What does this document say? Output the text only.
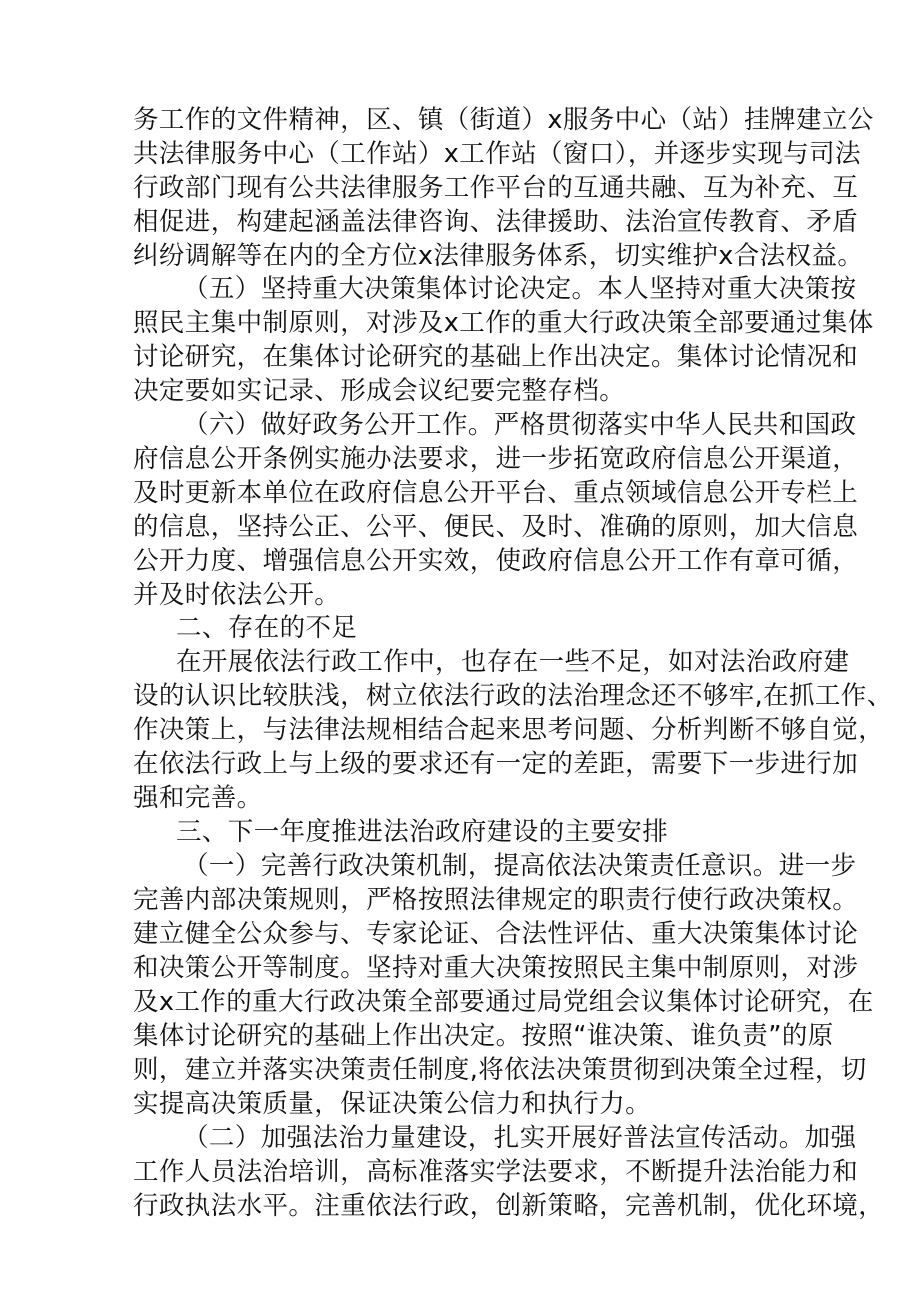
务工作的文件精神，区、镇（街道）x服务中心（站）挂牌建立公
共法律服务中心（工作站）x工作站（窗口），并逐步实现与司法
行政部门现有公共法律服务工作平台的互通共融、互为补充、互
相促进，构建起涵盖法律咨询、法律援助、法治宣传教育、矛盾
纠纷调解等在内的全方位x法律服务体系，切实维护x合法权益。
（五）坚持重大决策集体讨论决定。本人坚持对重大决策按
照民主集中制原则，对涉及x工作的重大行政决策全部要通过集体
讨论研究，在集体讨论研究的基础上作出决定。集体讨论情况和
决定要如实记录、形成会议纪要完整存档。
（六）做好政务公开工作。严格贯彻落实中华人民共和国政
府信息公开条例实施办法要求，进一步拓宽政府信息公开渠道，
及时更新本单位在政府信息公开平台、重点领域信息公开专栏上
的信息，坚持公正、公平、便民、及时、准确的原则，加大信息
公开力度、增强信息公开实效，使政府信息公开工作有章可循，
并及时依法公开。
二、存在的不足
在开展依法行政工作中，也存在一些不足，如对法治政府建
设的认识比较肤浅，树立依法行政的法治理念还不够牢,在抓工作、
作决策上，与法律法规相结合起来思考问题、分析判断不够自觉，
在依法行政上与上级的要求还有一定的差距，需要下一步进行加
强和完善。
三、下一年度推进法治政府建设的主要安排
（一）完善行政决策机制，提高依法决策责任意识。进一步
完善内部决策规则，严格按照法律规定的职责行使行政决策权。
建立健全公众参与、专家论证、合法性评估、重大决策集体讨论
和决策公开等制度。坚持对重大决策按照民主集中制原则，对涉
及x工作的重大行政决策全部要通过局党组会议集体讨论研究，在
集体讨论研究的基础上作出决定。按照“谁决策、谁负责”的原
则，建立并落实决策责任制度,将依法决策贯彻到决策全过程，切
实提高决策质量，保证决策公信力和执行力。
（二）加强法治力量建设，扎实开展好普法宣传活动。加强
工作人员法治培训，高标准落实学法要求，不断提升法治能力和
行政执法水平。注重依法行政，创新策略，完善机制，优化环境，
